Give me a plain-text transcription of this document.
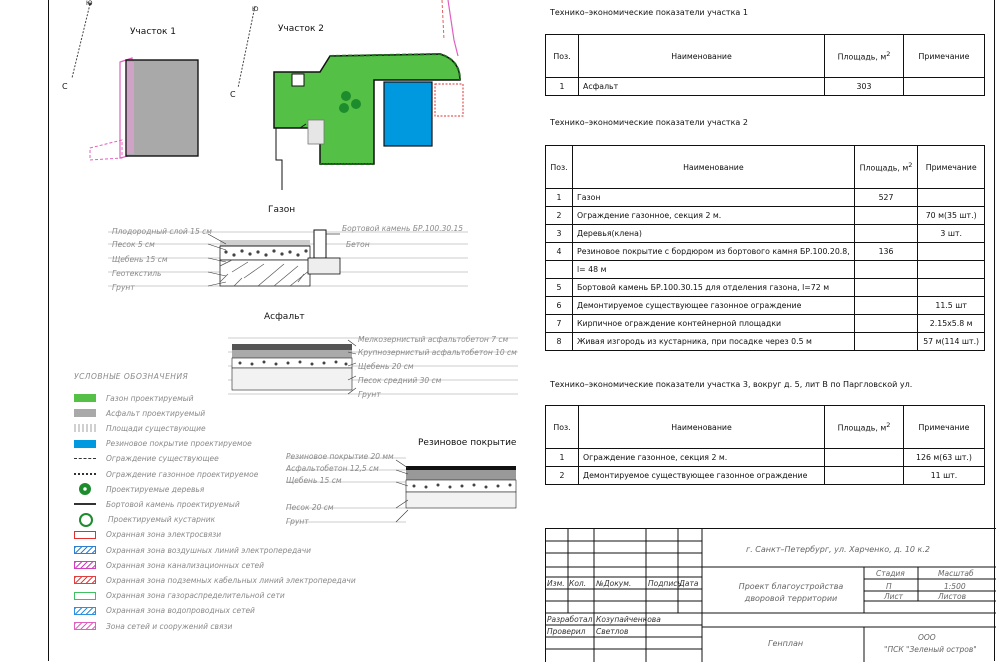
Участок 1	Участок 2
С
С
Ю
Ю
Газон
Плодородный слой 15 см
Песок 5 см
Щебень 15 см
Геотекстиль
Грунт
Бортовой камень БР.100.30.15
Бетон
Асфальт
Мелкозернистый асфальтобетон 7 см
Крупнозернистый асфальтобетон 10 см
Щебень 20 см
Песок средний 30 см
Грунт
Резиновое покрытие
Резиновое покрытие 20 мм
Асфальтобетон 12,5 см
Щебень 15 см
Песок 20 см
Грунт
УСЛОВНЫЕ ОБОЗНАЧЕНИЯ
Газон проектируемый
Асфальт проектируемый
Площади существующие
Резиновое покрытие проектируемое
Ограждение существующее
Ограждение газонное проектируемое
Проектируемые деревья
Бортовой камень проектируемый
Проектируемый кустарник
Охранная зона электросвязи
Охранная зона воздушных линий электропередачи
Охранная зона канализационных сетей
Охранная зона подземных кабельных линий электропередачи
Охранная зона газораспределительной сети
Охранная зона водопроводных сетей
Зона сетей и сооружений связи
Технико–экономические показатели участка 1
Поз.	Наименование	Площадь, $м^2$	Примечание
1	Асфальт	303	
Технико–экономические показатели участка 2
Поз.	Наименование	Площадь, $м^2$	Примечание
1	Газон	527	
2	Ограждение газонное, секция 2 м.		70 м(35 шт.)
3	Деревья(клена)		3 шт.
4	Резиновое покрытие с бордюром из бортового камня БР.100.20.8,	136	
	l= 48 м		
5	Бортовой камень БР.100.30.15 для отделения газона, l=72 м		
6	Демонтируемое существующее газонное ограждение		11.5 шт
7	Кирпичное ограждение контейнерной площадки		2.15х5.8 м
8	Живая изгородь из кустарника, при посадке через 0.5 м		57 м(114 шт.)
Технико–экономические показатели участка 3, вокруг д. 5, лит В по Паргловской ул.
Поз.	Наименование	Площадь, $м^2$	Примечание
1	Ограждение газонное, секция 2 м.		126 м(63 шт.)
2	Демонтируемое существующее газонное ограждение		11 шт.
г. Санкт–Петербург, ул. Харченко, д. 10 к.2
Изм. Кол. №Докум. Подпись
Дата	Проект благоустройства дворовой территории
Стадия	Масштаб
П	1:500
Лист	Листов
Разработал Козупайченкова
Проверил Светлов
Генплан
ООО
"ПСК "Зеленый остров"
